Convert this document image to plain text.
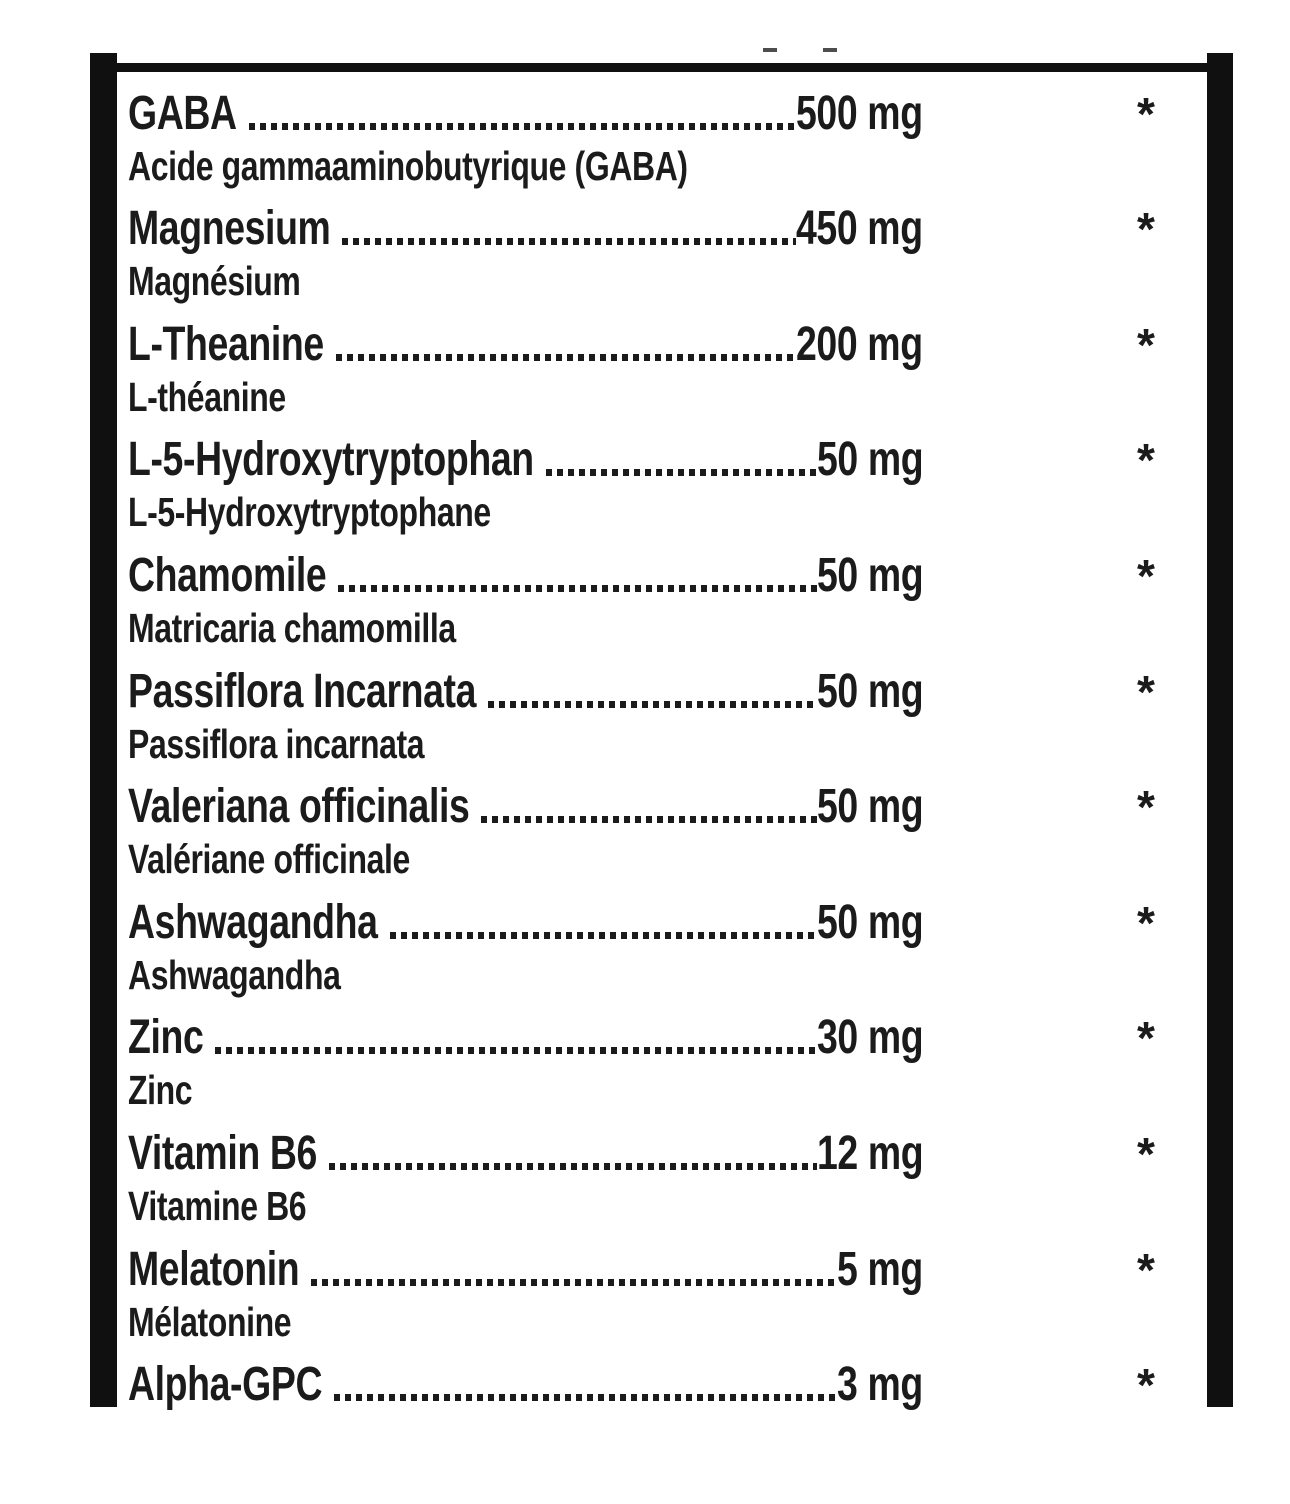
GABA	500 mg
Acide gammaaminobutyrique (GABA)
*
Magnesium	450 mg
Magnésium
*
L-Theanine	200 mg
L-théanine
*
L-5-Hydroxytryptophan	50 mg
L-5-Hydroxytryptophane
*
Chamomile	50 mg
Matricaria chamomilla
*
Passiflora Incarnata	50 mg
Passiflora incarnata
*
Valeriana officinalis	50 mg
Valériane officinale
*
Ashwagandha	50 mg
Ashwagandha
*
Zinc	30 mg
Zinc
*
Vitamin B6	12 mg
Vitamine B6
*
Melatonin	5 mg
Mélatonine
*
Alpha-GPC	3 mg	*
